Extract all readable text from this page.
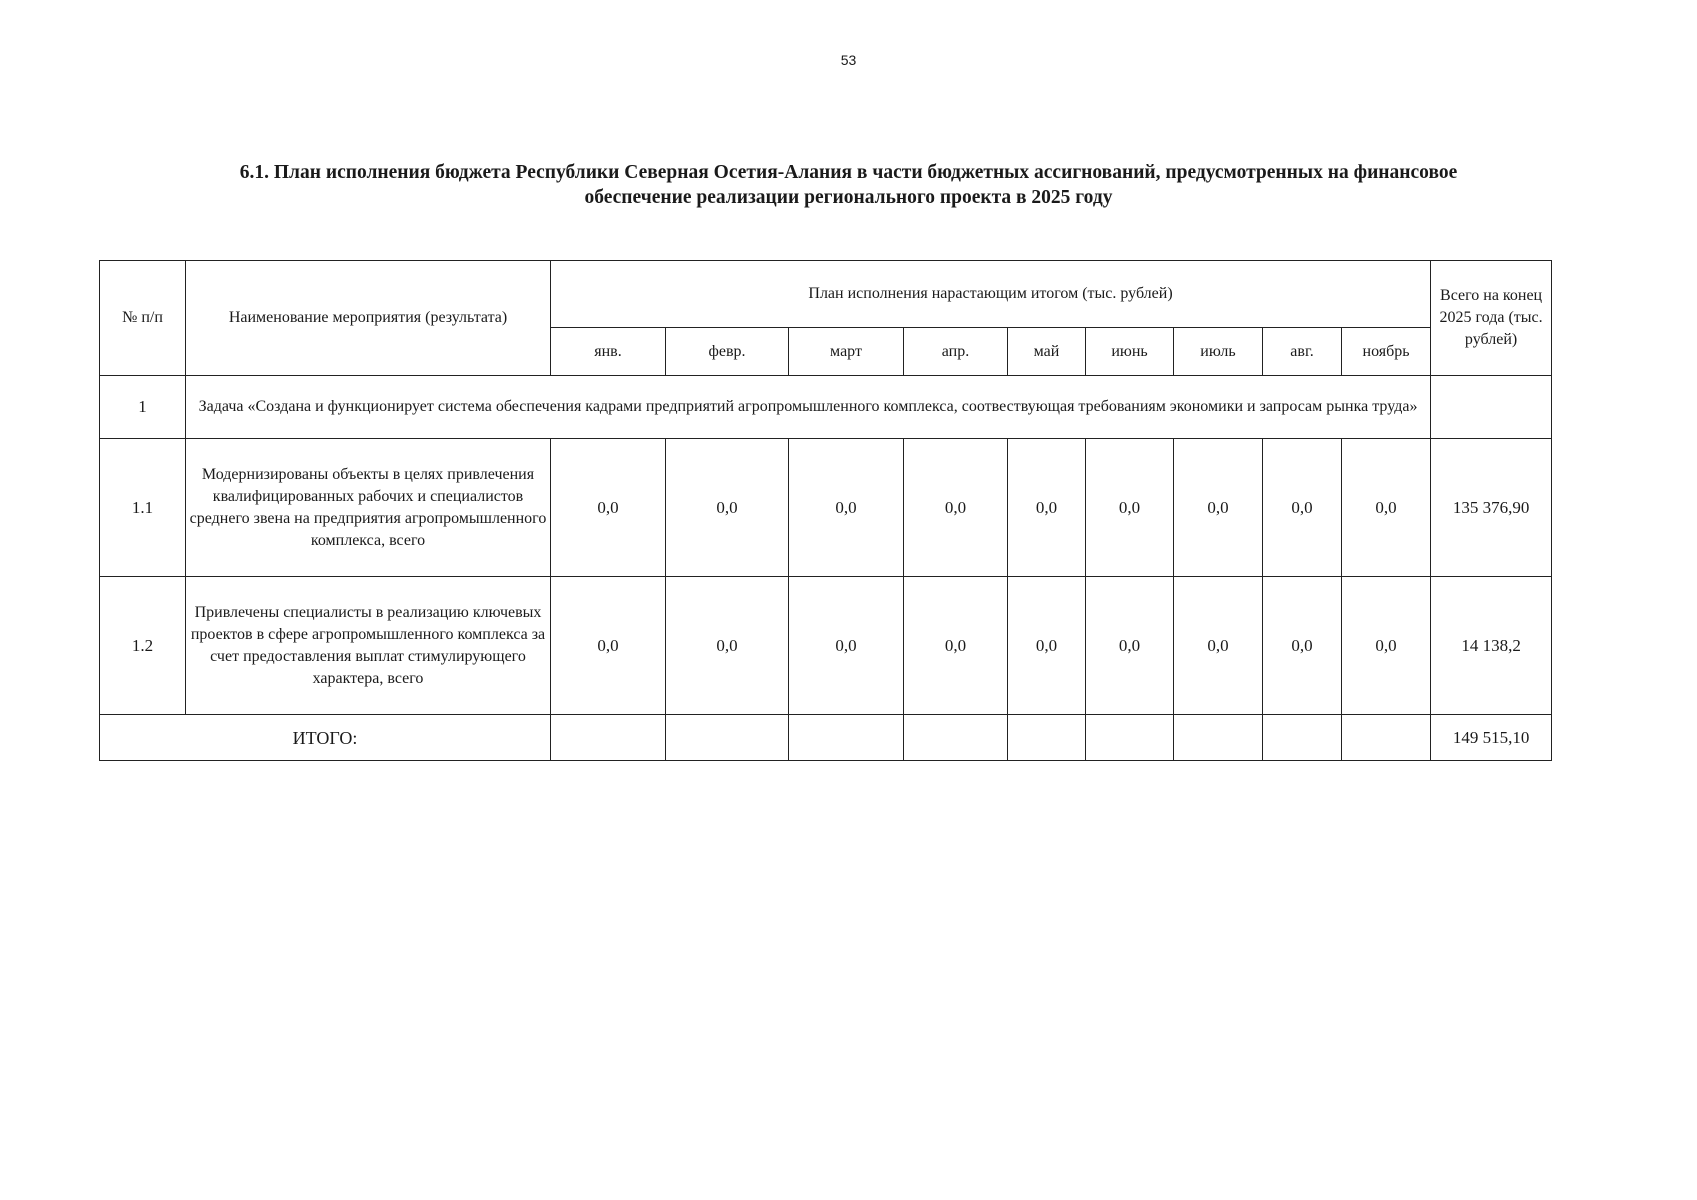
53
6.1. План исполнения бюджета Республики Северная Осетия-Алания в части бюджетных ассигнований, предусмотренных на финансовое
обеспечение реализации регионального проекта в 2025 году
№ п/п	Наименование мероприятия (результата)	План исполнения нарастающим итогом (тыс. рублей)									Всего на конец 2025 года (тыс. рублей)
		янв.	февр.	март	апр.	май	июнь	июль	авг.	ноябрь	
1	Задача «Создана и функционирует система обеспечения кадрами предприятий агропромышленного комплекса, соотвествующая требованиям экономики и запросам рынка труда»										
1.1	Модернизированы объекты в целях привлечения квалифицированных рабочих и специалистов среднего звена на предприятия агропромышленного комплекса, всего	0,0	0,0	0,0	0,0	0,0	0,0	0,0	0,0	0,0	135 376,90
1.2	Привлечены специалисты в реализацию ключевых проектов в сфере агропромышленного комплекса за счет предоставления выплат стимулирующего характера, всего	0,0	0,0	0,0	0,0	0,0	0,0	0,0	0,0	0,0	14 138,2
ИТОГО:											149 515,10
